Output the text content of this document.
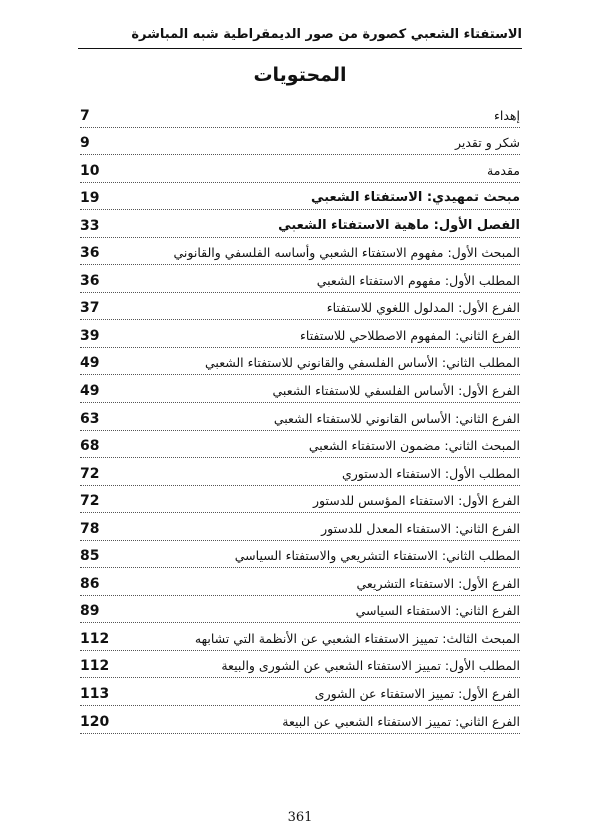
الاستفتاء الشعبي كصورة من صور الديمقراطية شبه المباشرة
المحتويات
7	إهداء
9	شكر و تقدير
10	مقدمة
19	مبحث تمهيدي: الاستفتاء الشعبي
33	الفصل الأول: ماهية الاستفتاء الشعبي
36	المبحث الأول: مفهوم الاستفتاء الشعبي وأساسه الفلسفي والقانوني
36	المطلب الأول: مفهوم الاستفتاء الشعبي
37	الفرع الأول: المدلول اللغوي للاستفتاء
39	الفرع الثاني: المفهوم الاصطلاحي للاستفتاء
49	المطلب الثاني: الأساس الفلسفي والقانوني للاستفتاء الشعبي
49	الفرع الأول: الأساس الفلسفي للاستفتاء الشعبي
63	الفرع الثاني: الأساس القانوني للاستفتاء الشعبي
68	المبحث الثاني: مضمون الاستفتاء الشعبي
72	المطلب الأول: الاستفتاء الدستوري
72	الفرع الأول: الاستفتاء المؤسس للدستور
78	الفرع الثاني: الاستفتاء المعدل للدستور
85	المطلب الثاني: الاستفتاء التشريعي والاستفتاء السياسي
86	الفرع الأول: الاستفتاء التشريعي
89	الفرع الثاني: الاستفتاء السياسي
112	المبحث الثالث: تمييز الاستفتاء الشعبي عن الأنظمة التي تشابهه
112	المطلب الأول: تمييز الاستفتاء الشعبي عن الشورى والبيعة
113	الفرع الأول: تمييز الاستفتاء عن الشورى
120	الفرع الثاني: تمييز الاستفتاء الشعبي عن البيعة
361
